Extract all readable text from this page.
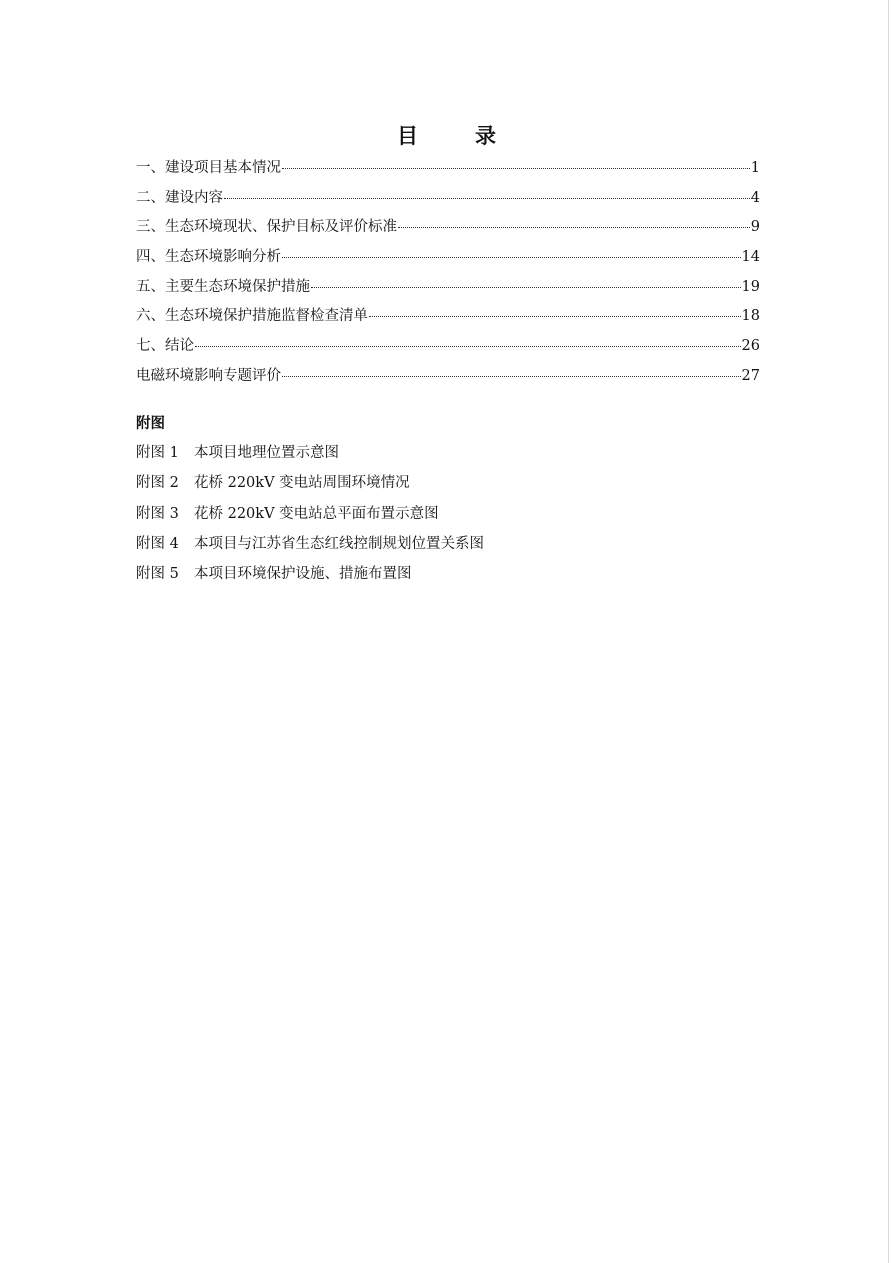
目　录
一、建设项目基本情况	1
二、建设内容	4
三、生态环境现状、保护目标及评价标准	9
四、生态环境影响分析	14
五、主要生态环境保护措施	19
六、生态环境保护措施监督检查清单	18
七、结论	26
电磁环境影响专题评价	27
附图
附图 1	本项目地理位置示意图
附图 2	花桥 220kV 变电站周围环境情况
附图 3	花桥 220kV 变电站总平面布置示意图
附图 4	本项目与江苏省生态红线控制规划位置关系图
附图 5	本项目环境保护设施、措施布置图
